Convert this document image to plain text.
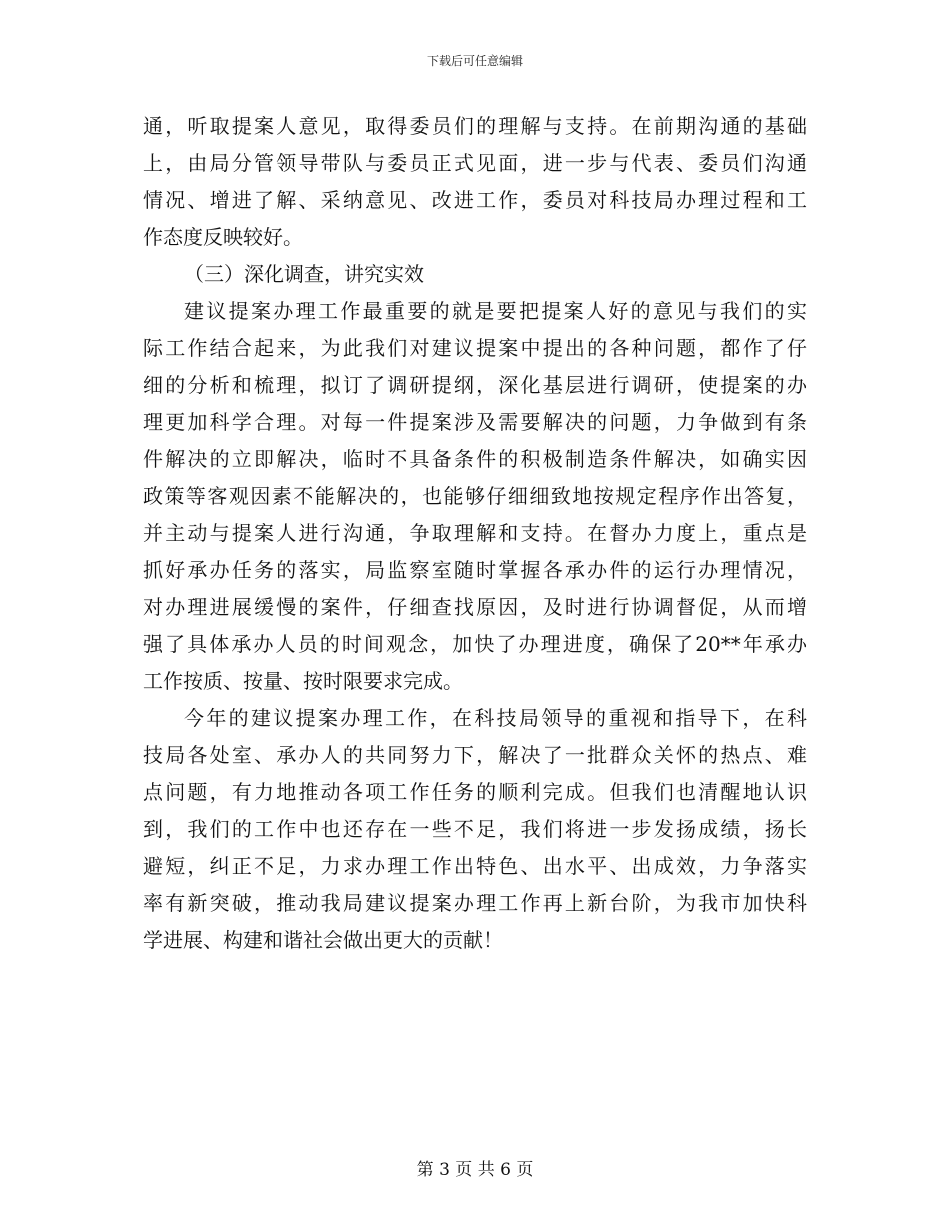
下载后可任意编辑
通，听取提案人意见，取得委员们的理解与支持。在前期沟通的基础
上，由局分管领导带队与委员正式见面，进一步与代表、委员们沟通
情况、增进了解、采纳意见、改进工作，委员对科技局办理过程和工
作态度反映较好。
（三）深化调查，讲究实效
建议提案办理工作最重要的就是要把提案人好的意见与我们的实
际工作结合起来，为此我们对建议提案中提出的各种问题，都作了仔
细的分析和梳理，拟订了调研提纲，深化基层进行调研，使提案的办
理更加科学合理。对每一件提案涉及需要解决的问题，力争做到有条
件解决的立即解决，临时不具备条件的积极制造条件解决，如确实因
政策等客观因素不能解决的，也能够仔细细致地按规定程序作出答复，
并主动与提案人进行沟通，争取理解和支持。在督办力度上，重点是
抓好承办任务的落实，局监察室随时掌握各承办件的运行办理情况，
对办理进展缓慢的案件，仔细查找原因，及时进行协调督促，从而增
强了具体承办人员的时间观念，加快了办理进度，确保了20**年承办
工作按质、按量、按时限要求完成。
今年的建议提案办理工作，在科技局领导的重视和指导下，在科
技局各处室、承办人的共同努力下，解决了一批群众关怀的热点、难
点问题，有力地推动各项工作任务的顺利完成。但我们也清醒地认识
到，我们的工作中也还存在一些不足，我们将进一步发扬成绩，扬长
避短，纠正不足，力求办理工作出特色、出水平、出成效，力争落实
率有新突破，推动我局建议提案办理工作再上新台阶，为我市加快科
学进展、构建和谐社会做出更大的贡献！
第 3 页 共 6 页
